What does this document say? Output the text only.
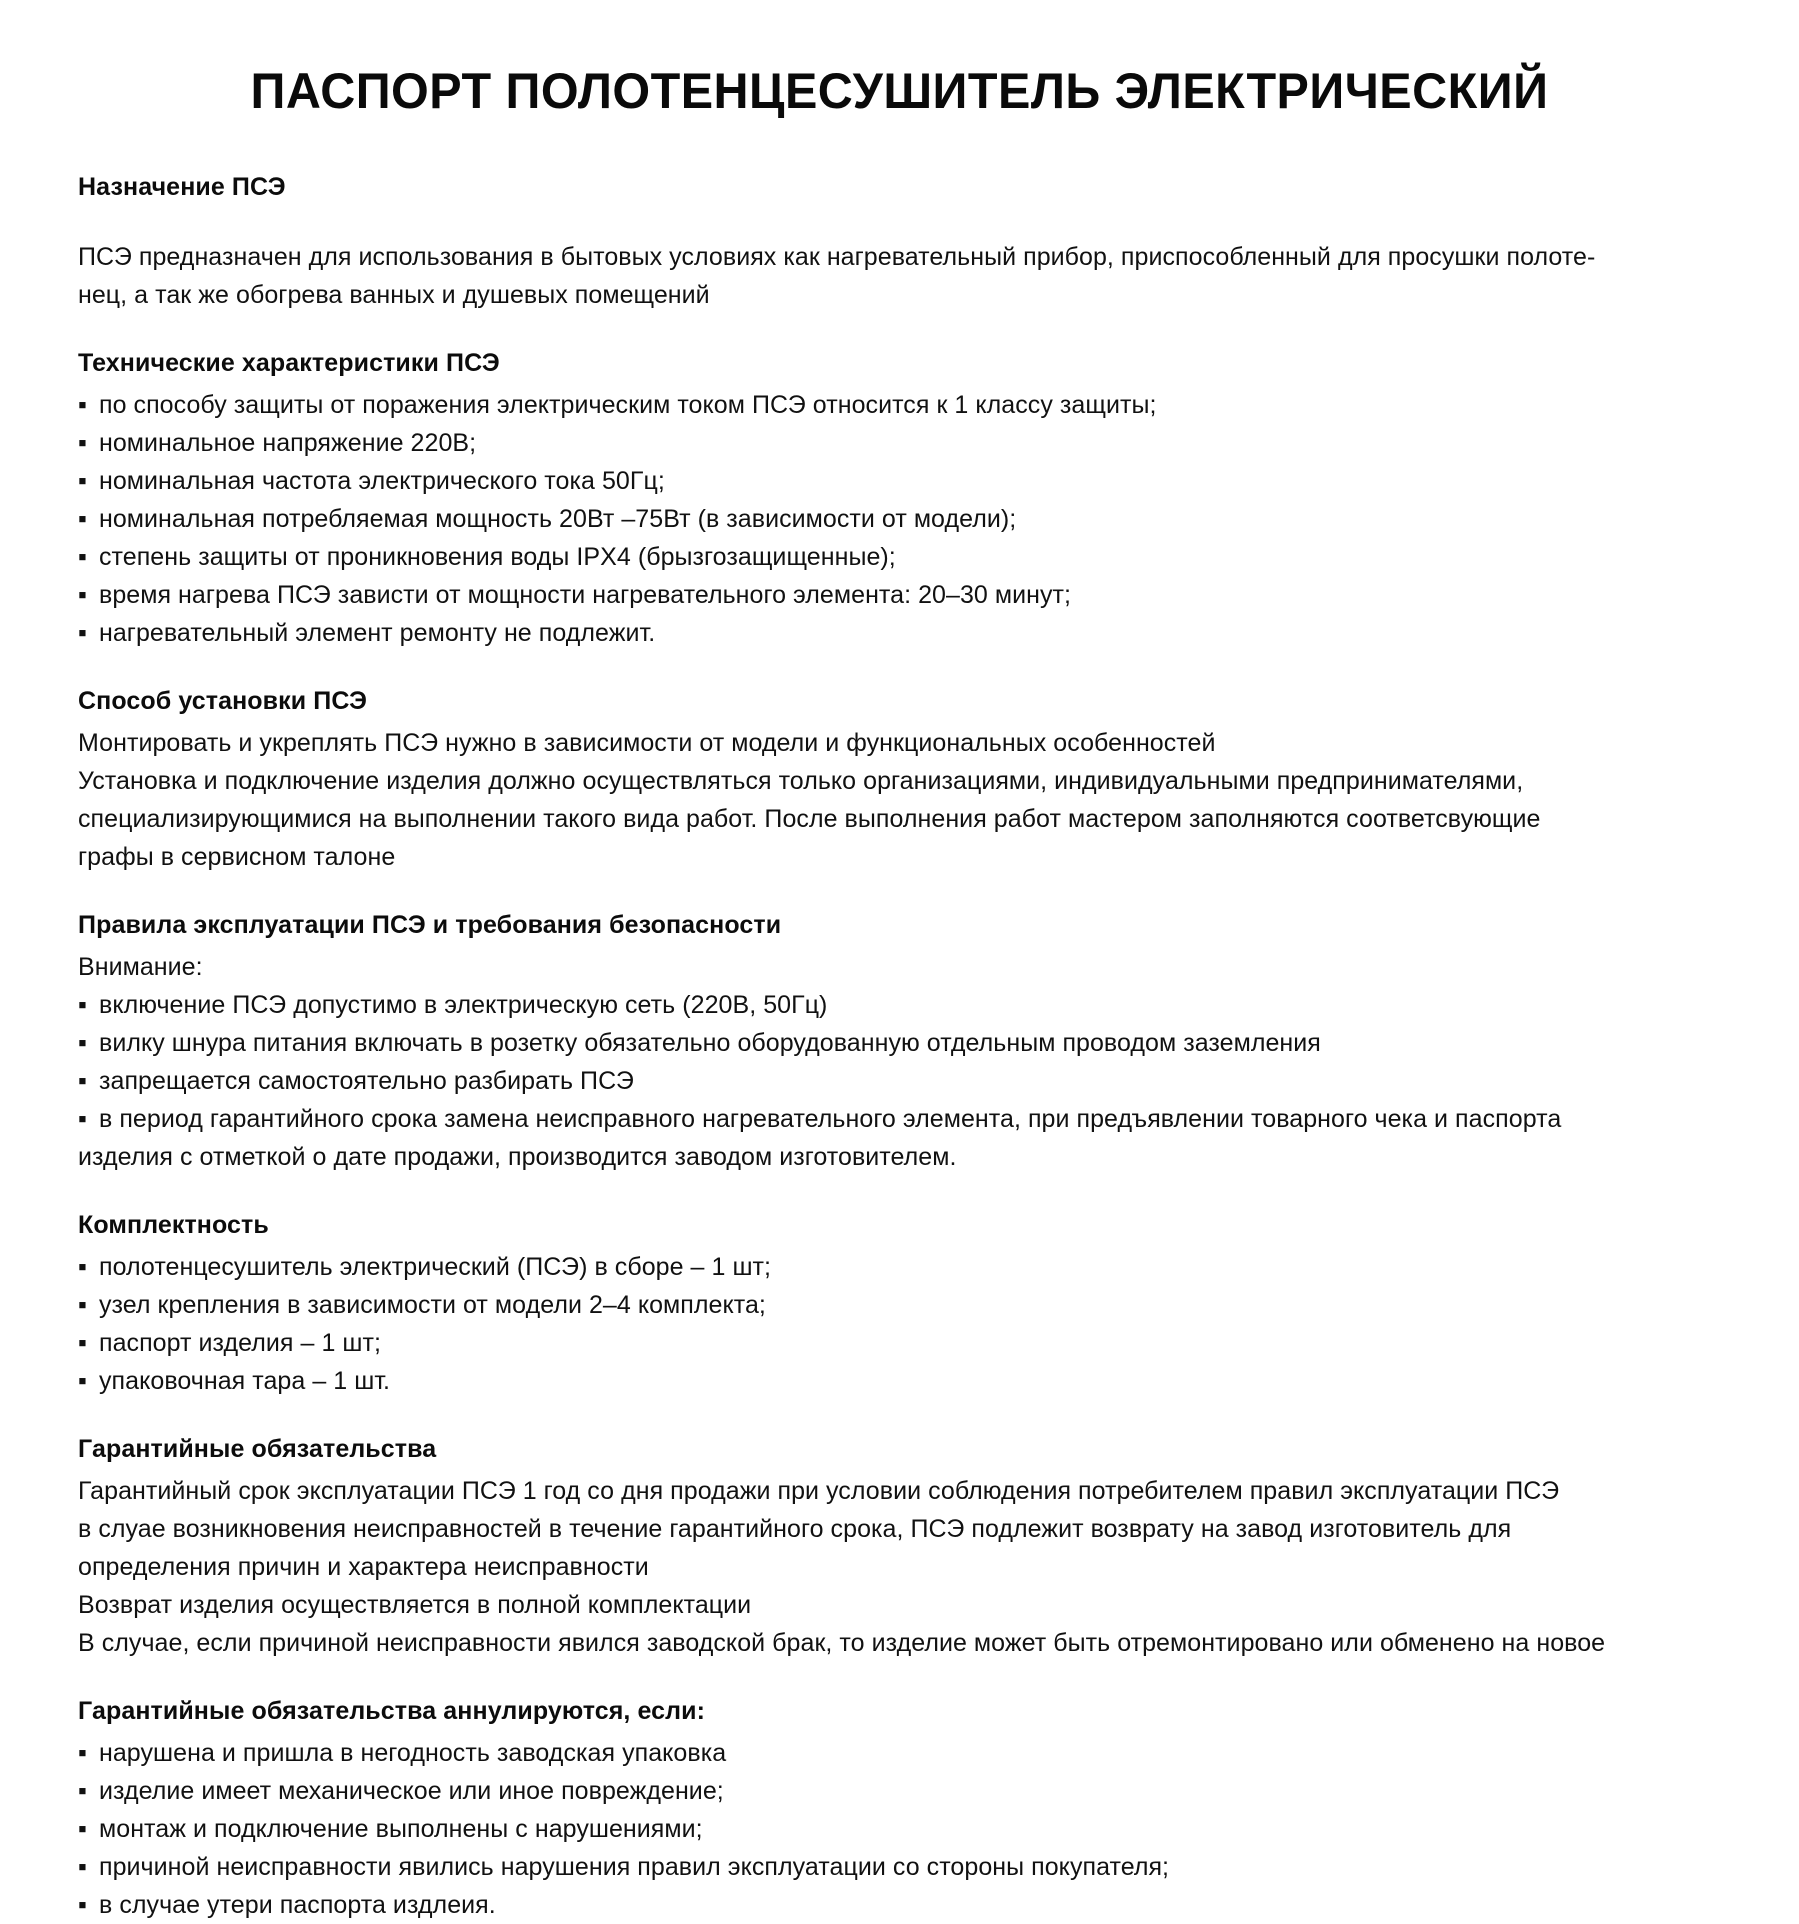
ПАСПОРТ ПОЛОТЕНЦЕСУШИТЕЛЬ ЭЛЕКТРИЧЕСКИЙ
Назначение ПСЭ
ПСЭ предназначен для использования в бытовых условиях как нагревательный прибор, приспособленный для просушки полоте-
нец, а так же обогрева ванных и душевых помещений
Технические характеристики ПСЭ
▪ по способу защиты от поражения электрическим током ПСЭ относится к 1 классу защиты;
▪ номинальное напряжение 220В;
▪ номинальная частота электрического тока 50Гц;
▪ номинальная потребляемая мощность 20Вт –75Вт (в зависимости от модели);
▪ степень защиты от проникновения воды IPX4 (брызгозащищенные);
▪ время нагрева ПСЭ зависти от мощности нагревательного элемента: 20–30 минут;
▪ нагревательный элемент ремонту не подлежит.
Способ установки ПСЭ
Монтировать и укреплять ПСЭ нужно в зависимости от модели и функциональных особенностей
Установка и подключение изделия должно осуществляться только организациями, индивидуальными предпринимателями,
специализирующимися на выполнении такого вида работ. После выполнения работ мастером заполняются соответсвующие
графы в сервисном талоне
Правила эксплуатации ПСЭ и требования безопасности
Внимание:
▪ включение ПСЭ допустимо в электрическую сеть (220В, 50Гц)
▪ вилку шнура питания включать в розетку обязательно оборудованную отдельным проводом заземления
▪ запрещается самостоятельно разбирать ПСЭ
▪ в период гарантийного срока замена неисправного нагревательного элемента, при предъявлении товарного чека и паспорта
изделия с отметкой о дате продажи, производится заводом изготовителем.
Комплектность
▪ полотенцесушитель электрический (ПСЭ) в сборе – 1 шт;
▪ узел крепления в зависимости от модели 2–4 комплекта;
▪ паспорт изделия – 1 шт;
▪ упаковочная тара – 1 шт.
Гарантийные обязательства
Гарантийный срок эксплуатации ПСЭ 1 год со дня продажи при условии соблюдения потребителем правил эксплуатации ПСЭ
в слуае возникновения неисправностей в течение гарантийного срока, ПСЭ подлежит возврату на завод изготовитель для
определения причин и характера неисправности
Возврат изделия осуществляется в полной комплектации
В случае, если причиной неисправности явился заводской брак, то изделие может быть отремонтировано или обменено на новое
Гарантийные обязательства аннулируются, если:
▪ нарушена и пришла в негодность заводская упаковка
▪ изделие имеет механическое или иное повреждение;
▪ монтаж и подключение выполнены с нарушениями;
▪ причиной неисправности явились нарушения правил эксплуатации со стороны покупателя;
▪ в случае утери паспорта издлеия.
